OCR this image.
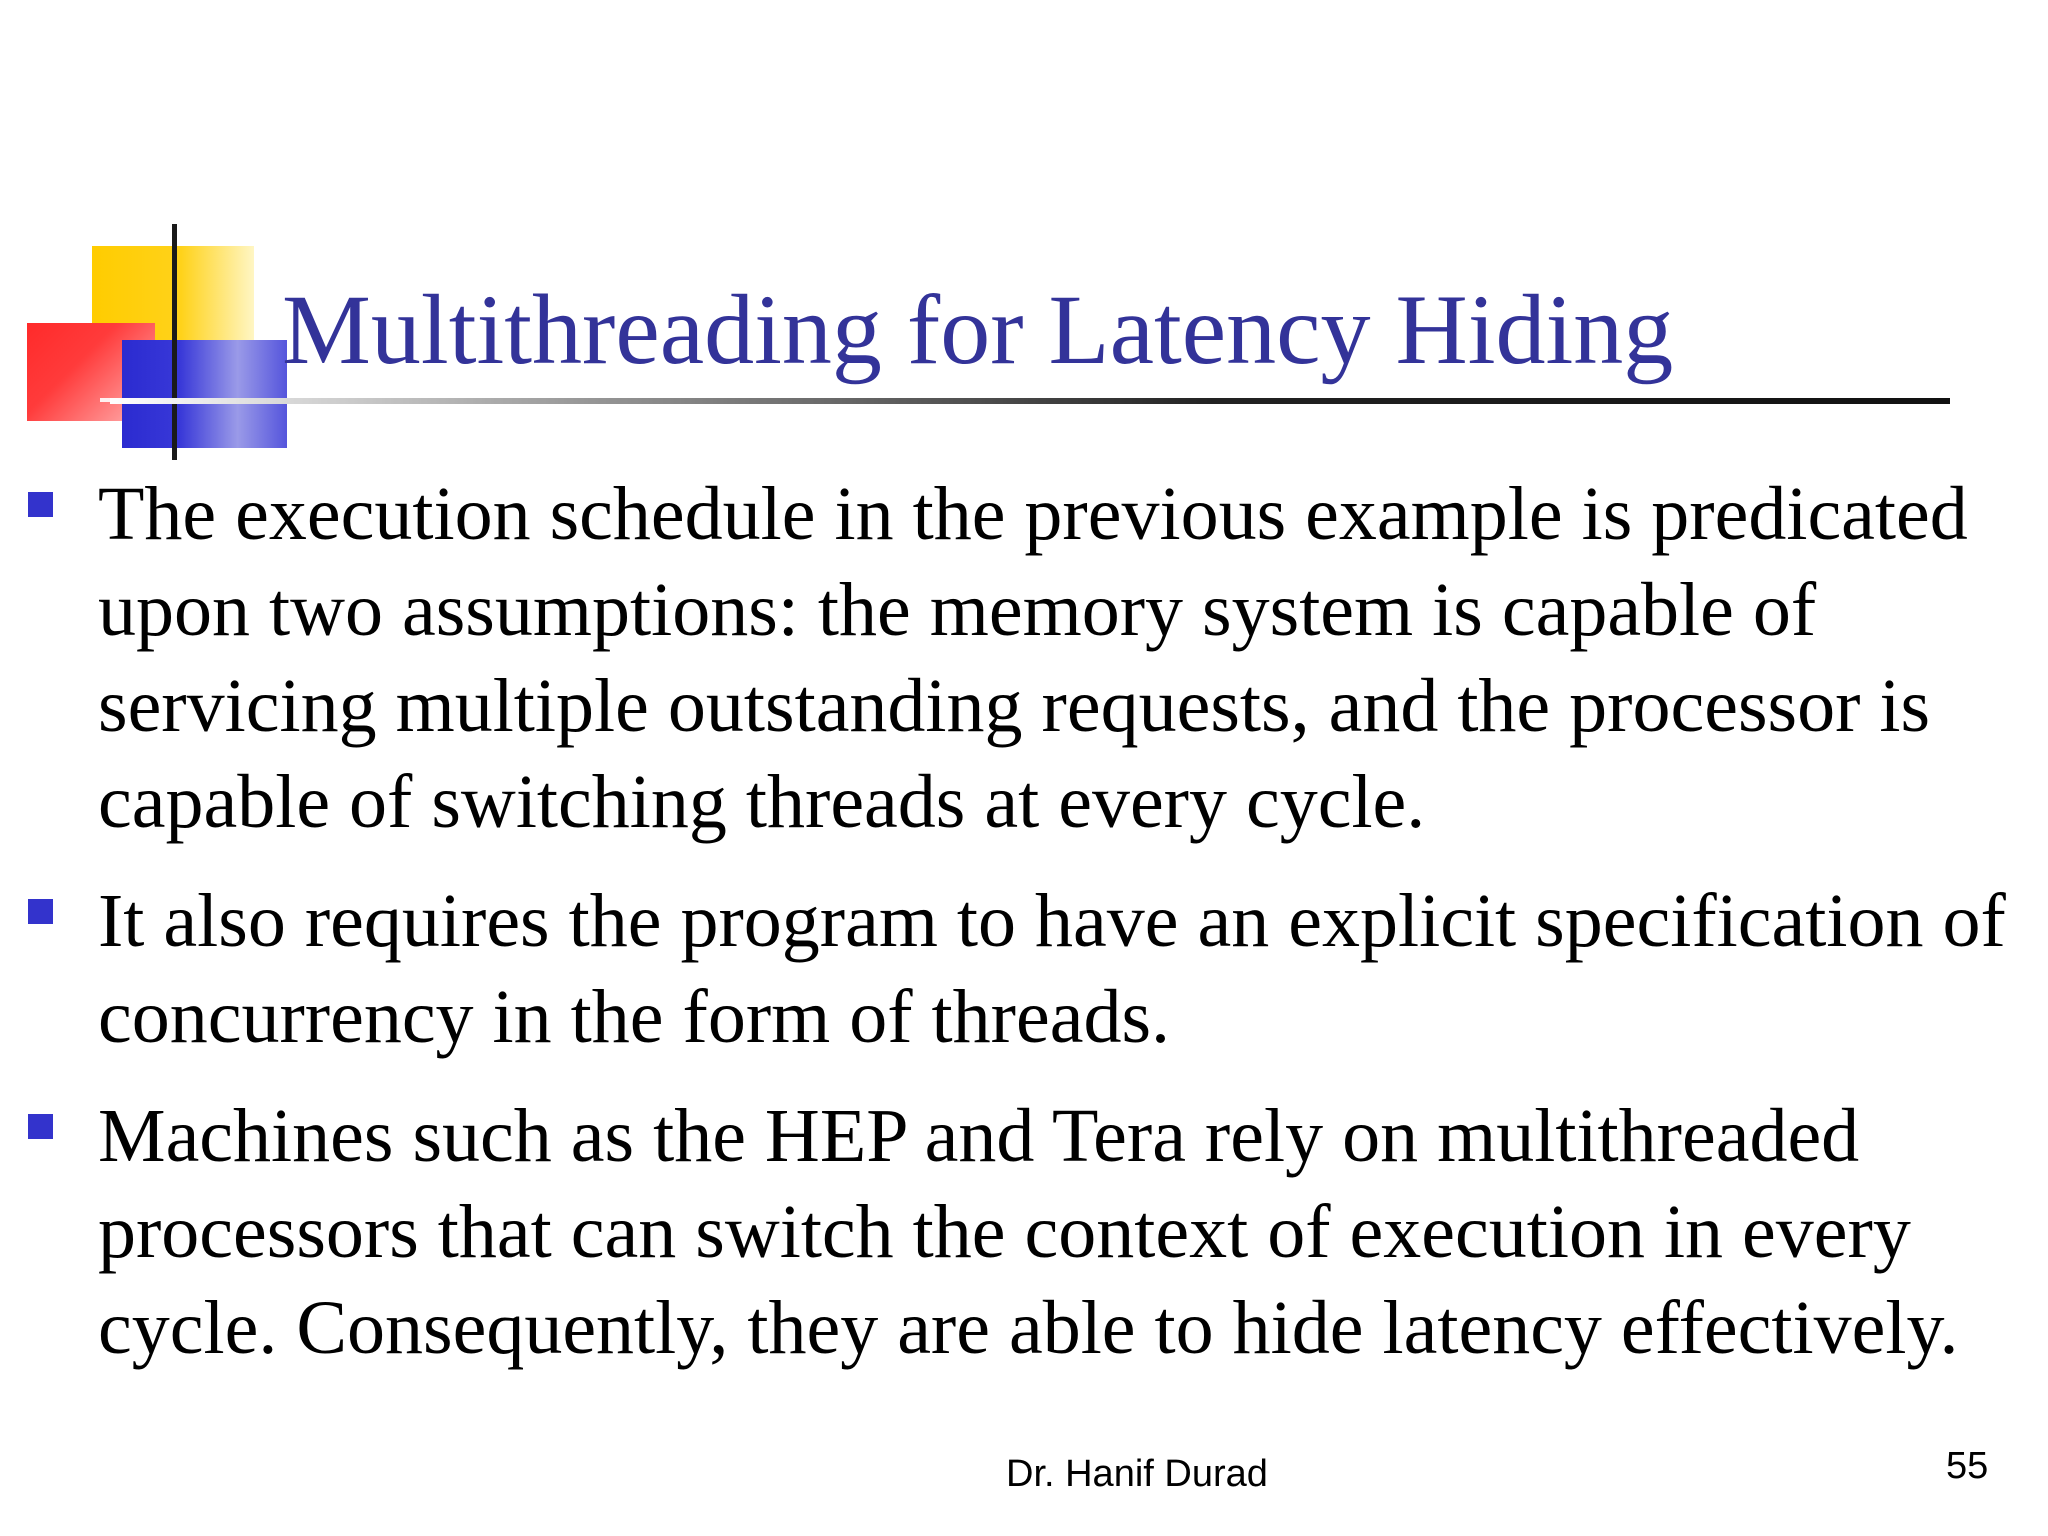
Multithreading for Latency Hiding
The execution schedule in the previous example is predicated upon two assumptions: the memory system is capable of servicing multiple outstanding requests, and the processor is capable of switching threads at every cycle.
It also requires the program to have an explicit specification of concurrency in the form of threads.
Machines such as the HEP and Tera rely on multithreaded processors that can switch the context of execution in every cycle. Consequently, they are able to hide latency effectively.
Dr. Hanif Durad	55
